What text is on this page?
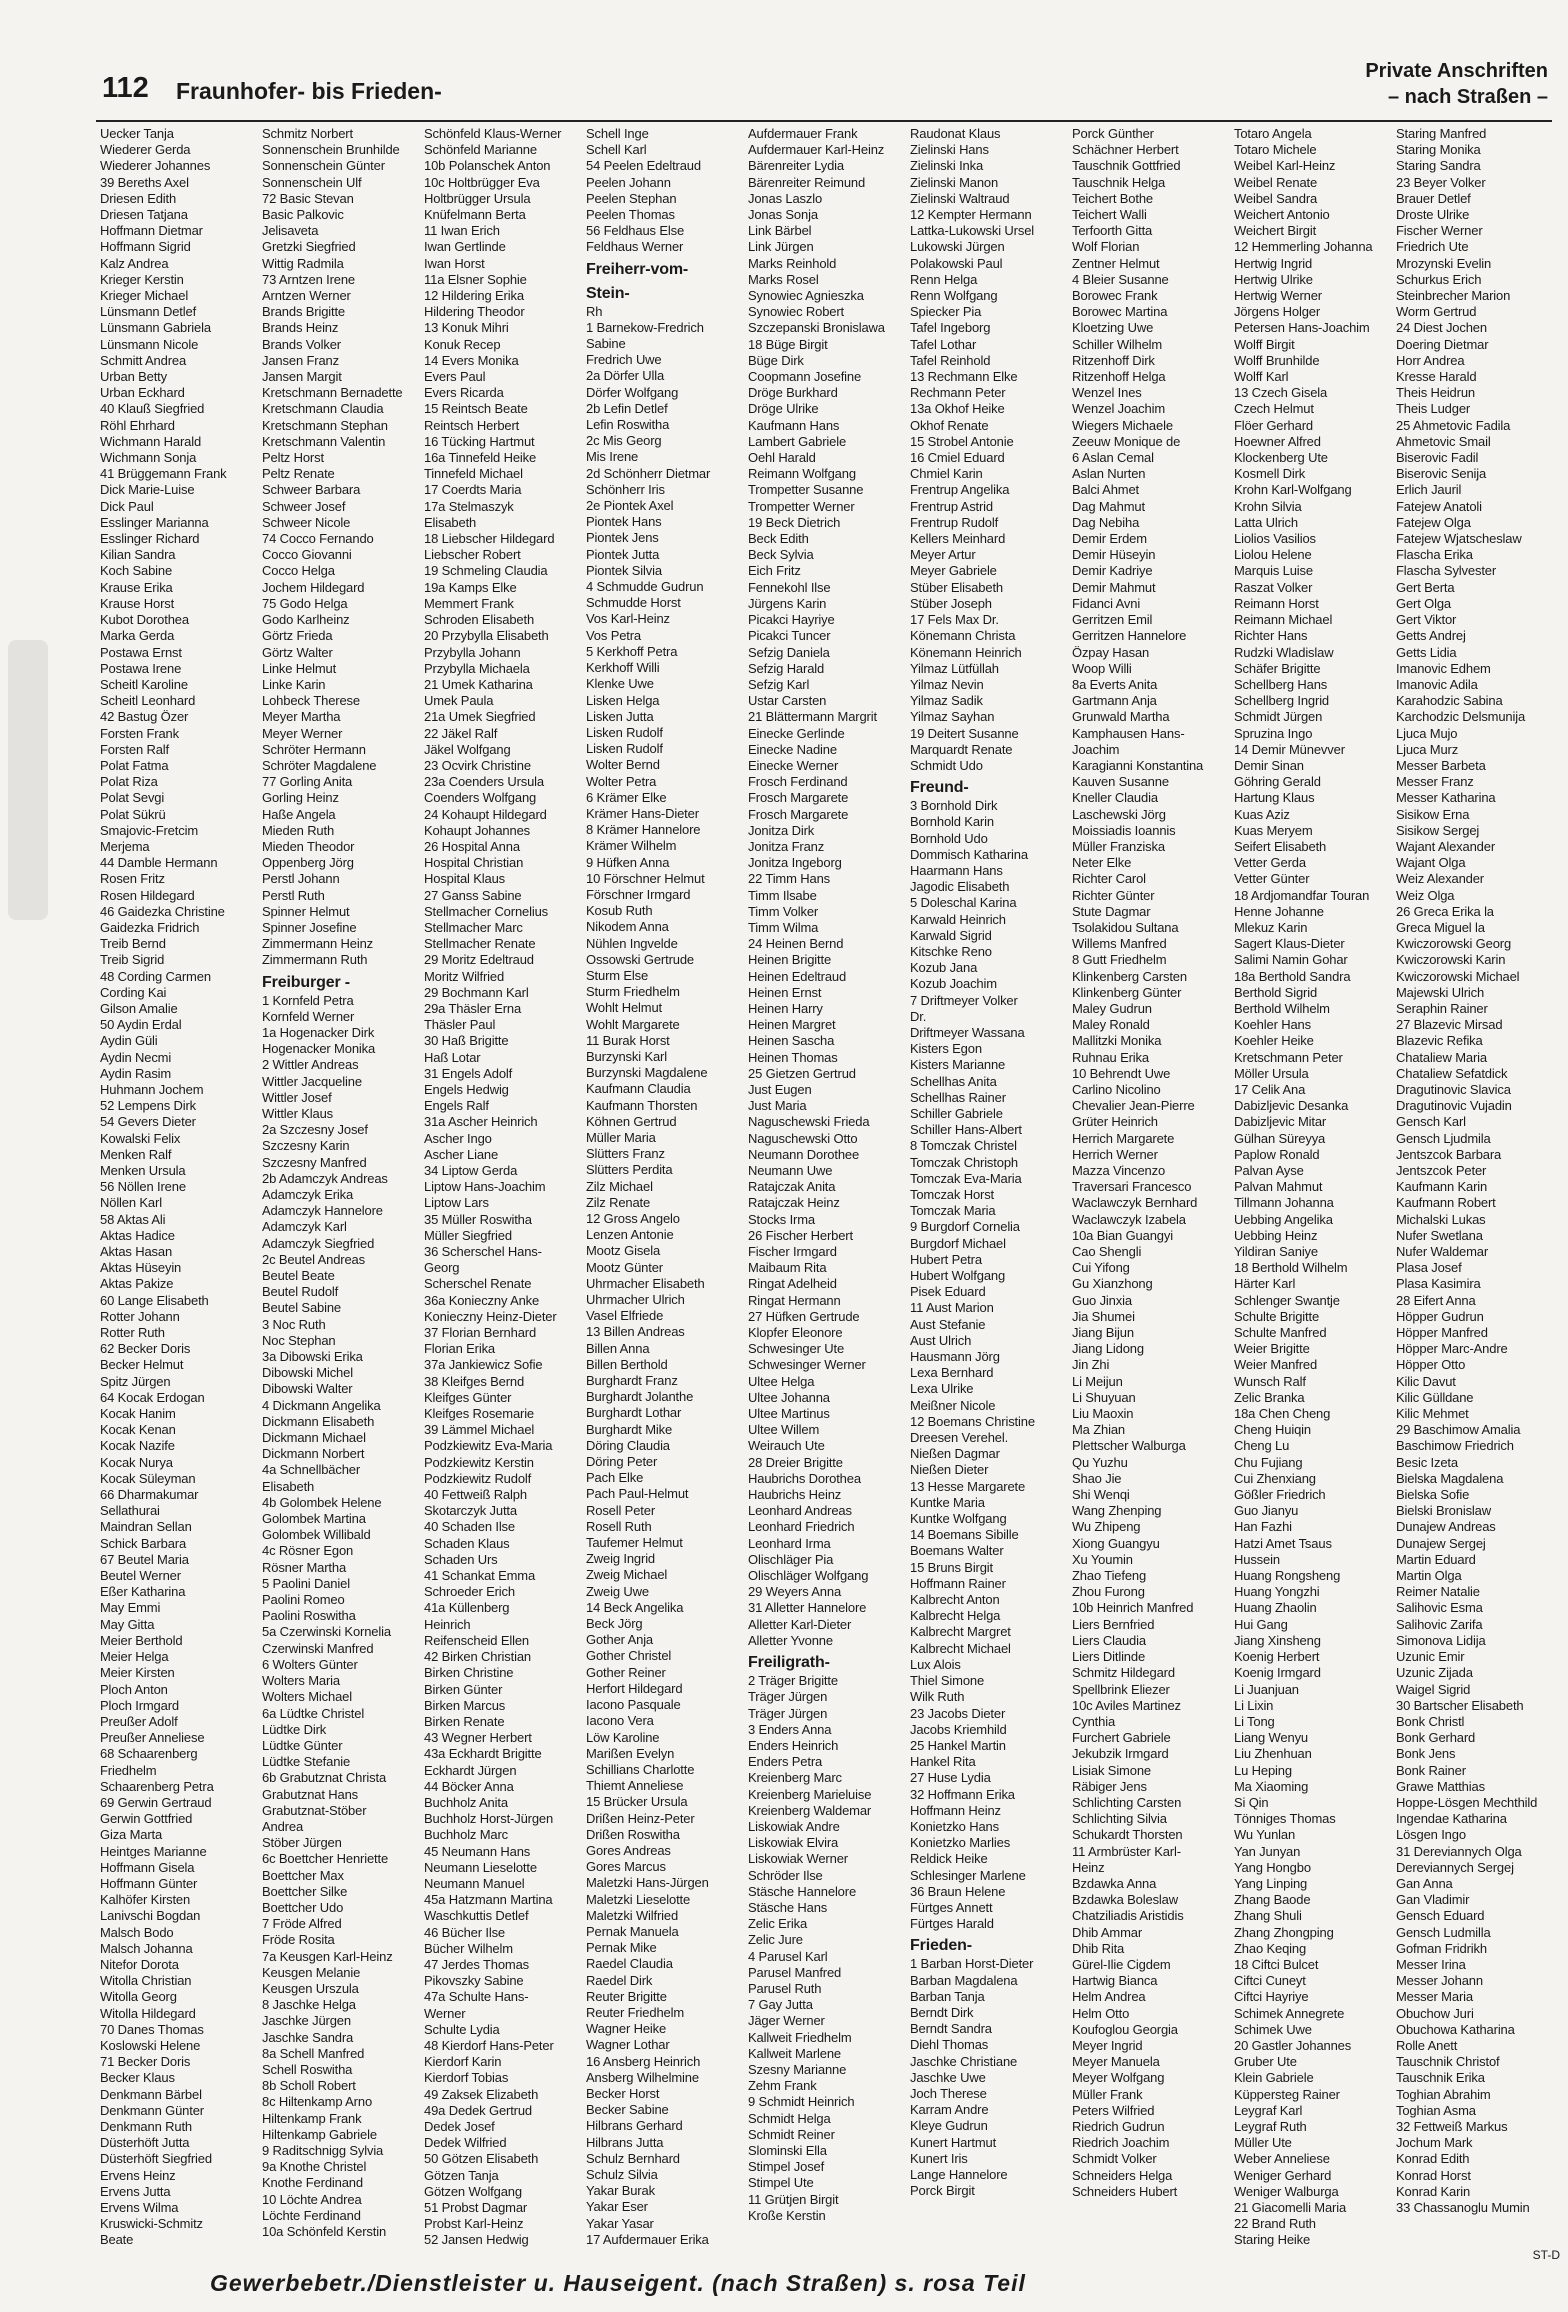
112 Fraunhofer- bis Frieden-
Private Anschriften
– nach Straßen –
Uecker Tanja
Wiederer Gerda
Wiederer Johannes
39 Bereths Axel
Driesen Edith
Driesen Tatjana
Hoffmann Dietmar
Hoffmann Sigrid
Kalz Andrea
Krieger Kerstin
Krieger Michael
Lünsmann Detlef
Lünsmann Gabriela
Lünsmann Nicole
Schmitt Andrea
Urban Betty
Urban Eckhard
40 Klauß Siegfried
Röhl Ehrhard
Wichmann Harald
Wichmann Sonja
41 Brüggemann Frank
Dick Marie-Luise
Dick Paul
Esslinger Marianna
Esslinger Richard
Kilian Sandra
Koch Sabine
Krause Erika
Krause Horst
Kubot Dorothea
Marka Gerda
Postawa Ernst
Postawa Irene
Scheitl Karoline
Scheitl Leonhard
42 Bastug Özer
Forsten Frank
Forsten Ralf
Polat Fatma
Polat Riza
Polat Sevgi
Polat Sükrü
Smajovic-Fretcim
Merjema
44 Damble Hermann
Rosen Fritz
Rosen Hildegard
46 Gaidezka Christine
Gaidezka Fridrich
Treib Bernd
Treib Sigrid
48 Cording Carmen
Cording Kai
Gilson Amalie
50 Aydin Erdal
Aydin Güli
Aydin Necmi
Aydin Rasim
Huhmann Jochem
52 Lempens Dirk
54 Gevers Dieter
Kowalski Felix
Menken Ralf
Menken Ursula
56 Nöllen Irene
Nöllen Karl
58 Aktas Ali
Aktas Hadice
Aktas Hasan
Aktas Hüseyin
Aktas Pakize
60 Lange Elisabeth
Rotter Johann
Rotter Ruth
62 Becker Doris
Becker Helmut
Spitz Jürgen
64 Kocak Erdogan
Kocak Hanim
Kocak Kenan
Kocak Nazife
Kocak Nurya
Kocak Süleyman
66 Dharmakumar
Sellathurai
Maindran Sellan
Schick Barbara
67 Beutel Maria
Beutel Werner
Eßer Katharina
May Emmi
May Gitta
Meier Berthold
Meier Helga
Meier Kirsten
Ploch Anton
Ploch Irmgard
Preußer Adolf
Preußer Anneliese
68 Schaarenberg
Friedhelm
Schaarenberg Petra
69 Gerwin Gertraud
Gerwin Gottfried
Giza Marta
Heintges Marianne
Hoffmann Gisela
Hoffmann Günter
Kalhöfer Kirsten
Lanivschi Bogdan
Malsch Bodo
Malsch Johanna
Nitefor Dorota
Witolla Christian
Witolla Georg
Witolla Hildegard
70 Danes Thomas
Koslowski Helene
71 Becker Doris
Becker Klaus
Denkmann Bärbel
Denkmann Günter
Denkmann Ruth
Düsterhöft Jutta
Düsterhöft Siegfried
Ervens Heinz
Ervens Jutta
Ervens Wilma
Kruswicki-Schmitz
Beate
Schmitz Norbert
Sonnenschein Brunhilde
Sonnenschein Günter
Sonnenschein Ulf
72 Basic Stevan
Basic Palkovic
Jelisaveta
Gretzki Siegfried
Wittig Radmila
73 Arntzen Irene
Arntzen Werner
Brands Brigitte
Brands Heinz
Brands Volker
Jansen Franz
Jansen Margit
Kretschmann Bernadette
Kretschmann Claudia
Kretschmann Stephan
Kretschmann Valentin
Peltz Horst
Peltz Renate
Schweer Barbara
Schweer Josef
Schweer Nicole
74 Cocco Fernando
Cocco Giovanni
Cocco Helga
Jochem Hildegard
75 Godo Helga
Godo Karlheinz
Görtz Frieda
Görtz Walter
Linke Helmut
Linke Karin
Lohbeck Therese
Meyer Martha
Meyer Werner
Schröter Hermann
Schröter Magdalene
77 Gorling Anita
Gorling Heinz
Haße Angela
Mieden Ruth
Mieden Theodor
Oppenberg Jörg
Perstl Johann
Perstl Ruth
Spinner Helmut
Spinner Josefine
Zimmermann Heinz
Zimmermann Ruth
Freiburger -
1 Kornfeld Petra
Kornfeld Werner
1a Hogenacker Dirk
Hogenacker Monika
2 Wittler Andreas
Wittler Jacqueline
Wittler Josef
Wittler Klaus
2a Szczesny Josef
Szczesny Karin
Szczesny Manfred
2b Adamczyk Andreas
Adamczyk Erika
Adamczyk Hannelore
Adamczyk Karl
Adamczyk Siegfried
2c Beutel Andreas
Beutel Beate
Beutel Rudolf
Beutel Sabine
3 Noc Ruth
Noc Stephan
3a Dibowski Erika
Dibowski Michel
Dibowski Walter
4 Dickmann Angelika
Dickmann Elisabeth
Dickmann Michael
Dickmann Norbert
4a Schnellbächer
Elisabeth
4b Golombek Helene
Golombek Martina
Golombek Willibald
4c Rösner Egon
Rösner Martha
5 Paolini Daniel
Paolini Romeo
Paolini Roswitha
5a Czerwinski Kornelia
Czerwinski Manfred
6 Wolters Günter
Wolters Maria
Wolters Michael
6a Lüdtke Christel
Lüdtke Dirk
Lüdtke Günter
Lüdtke Stefanie
6b Grabutznat Christa
Grabutznat Hans
Grabutznat-Stöber
Andrea
Stöber Jürgen
6c Boettcher Henriette
Boettcher Max
Boettcher Silke
Boettcher Udo
7 Fröde Alfred
Fröde Rosita
7a Keusgen Karl-Heinz
Keusgen Melanie
Keusgen Urszula
8 Jaschke Helga
Jaschke Jürgen
Jaschke Sandra
8a Schell Manfred
Schell Roswitha
8b Scholl Robert
8c Hiltenkamp Arno
Hiltenkamp Frank
Hiltenkamp Gabriele
9 Raditschnigg Sylvia
9a Knothe Christel
Knothe Ferdinand
10 Löchte Andrea
Löchte Ferdinand
10a Schönfeld Kerstin
Schönfeld Klaus-Werner
Schönfeld Marianne
10b Polanschek Anton
10c Holtbrügger Eva
Holtbrügger Ursula
Knüfelmann Berta
11 Iwan Erich
Iwan Gertlinde
Iwan Horst
11a Elsner Sophie
12 Hildering Erika
Hildering Theodor
13 Konuk Mihri
Konuk Recep
14 Evers Monika
Evers Paul
Evers Ricarda
15 Reintsch Beate
Reintsch Herbert
16 Tücking Hartmut
16a Tinnefeld Heike
Tinnefeld Michael
17 Coerdts Maria
17a Stelmaszyk
Elisabeth
18 Liebscher Hildegard
Liebscher Robert
19 Schmeling Claudia
19a Kamps Elke
Memmert Frank
Schroden Elisabeth
20 Przybylla Elisabeth
Przybylla Johann
Przybylla Michaela
21 Umek Katharina
Umek Paula
21a Umek Siegfried
22 Jäkel Ralf
Jäkel Wolfgang
23 Ocvirk Christine
23a Coenders Ursula
Coenders Wolfgang
24 Kohaupt Hildegard
Kohaupt Johannes
26 Hospital Anna
Hospital Christian
Hospital Klaus
27 Ganss Sabine
Stellmacher Cornelius
Stellmacher Marc
Stellmacher Renate
29 Moritz Edeltraud
Moritz Wilfried
29 Bochmann Karl
29a Thäsler Erna
Thäsler Paul
30 Haß Brigitte
Haß Lotar
31 Engels Adolf
Engels Hedwig
Engels Ralf
31a Ascher Heinrich
Ascher Ingo
Ascher Liane
34 Liptow Gerda
Liptow Hans-Joachim
Liptow Lars
35 Müller Roswitha
Müller Siegfried
36 Scherschel Hans-
Georg
Scherschel Renate
36a Konieczny Anke
Konieczny Heinz-Dieter
37 Florian Bernhard
Florian Erika
37a Jankiewicz Sofie
38 Kleifges Bernd
Kleifges Günter
Kleifges Rosemarie
39 Lämmel Michael
Podzkiewitz Eva-Maria
Podzkiewitz Kerstin
Podzkiewitz Rudolf
40 Fettweiß Ralph
Skotarczyk Jutta
40 Schaden Ilse
Schaden Klaus
Schaden Urs
41 Schankat Emma
Schroeder Erich
41a Küllenberg
Heinrich
Reifenscheid Ellen
42 Birken Christian
Birken Christine
Birken Günter
Birken Marcus
Birken Renate
43 Wegner Herbert
43a Eckhardt Brigitte
Eckhardt Jürgen
44 Böcker Anna
Buchholz Anita
Buchholz Horst-Jürgen
Buchholz Marc
45 Neumann Hans
Neumann Lieselotte
Neumann Manuel
45a Hatzmann Martina
Waschkuttis Detlef
46 Bücher Ilse
Bücher Wilhelm
47 Jerdes Thomas
Pikovszky Sabine
47a Schulte Hans-
Werner
Schulte Lydia
48 Kierdorf Hans-Peter
Kierdorf Karin
Kierdorf Tobias
49 Zaksek Elizabeth
49a Dedek Gertrud
Dedek Josef
Dedek Wilfried
50 Götzen Elisabeth
Götzen Tanja
Götzen Wolfgang
51 Probst Dagmar
Probst Karl-Heinz
52 Jansen Hedwig
Schell Inge
Schell Karl
54 Peelen Edeltraud
Peelen Johann
Peelen Stephan
Peelen Thomas
56 Feldhaus Else
Feldhaus Werner
Freiherr-vom-
Stein-
Rh
1 Barnekow-Fredrich
Sabine
Fredrich Uwe
2a Dörfer Ulla
Dörfer Wolfgang
2b Lefin Detlef
Lefin Roswitha
2c Mis Georg
Mis Irene
2d Schönherr Dietmar
Schönherr Iris
2e Piontek Axel
Piontek Hans
Piontek Jens
Piontek Jutta
Piontek Silvia
4 Schmudde Gudrun
Schmudde Horst
Vos Karl-Heinz
Vos Petra
5 Kerkhoff Petra
Kerkhoff Willi
Klenke Uwe
Lisken Helga
Lisken Jutta
Lisken Rudolf
Lisken Rudolf
Wolter Bernd
Wolter Petra
6 Krämer Elke
Krämer Hans-Dieter
8 Krämer Hannelore
Krämer Wilhelm
9 Hüfken Anna
10 Förschner Helmut
Förschner Irmgard
Kosub Ruth
Nikodem Anna
Nühlen Ingvelde
Ossowski Gertrude
Sturm Else
Sturm Friedhelm
Wohlt Helmut
Wohlt Margarete
11 Burak Horst
Burzynski Karl
Burzynski Magdalene
Kaufmann Claudia
Kaufmann Thorsten
Köhnen Gertrud
Müller Maria
Slütters Franz
Slütters Perdita
Zilz Michael
Zilz Renate
12 Gross Angelo
Lenzen Antonie
Mootz Gisela
Mootz Günter
Uhrmacher Elisabeth
Uhrmacher Ulrich
Vasel Elfriede
13 Billen Andreas
Billen Anna
Billen Berthold
Burghardt Franz
Burghardt Jolanthe
Burghardt Lothar
Burghardt Mike
Döring Claudia
Döring Peter
Pach Elke
Pach Paul-Helmut
Rosell Peter
Rosell Ruth
Taufemer Helmut
Zweig Ingrid
Zweig Michael
Zweig Uwe
14 Beck Angelika
Beck Jörg
Gother Anja
Gother Christel
Gother Reiner
Herfort Hildegard
Iacono Pasquale
Iacono Vera
Löw Karoline
Marißen Evelyn
Schillians Charlotte
Thiemt Anneliese
15 Brücker Ursula
Drißen Heinz-Peter
Drißen Roswitha
Gores Andreas
Gores Marcus
Maletzki Hans-Jürgen
Maletzki Lieselotte
Maletzki Wilfried
Pernak Manuela
Pernak Mike
Raedel Claudia
Raedel Dirk
Reuter Brigitte
Reuter Friedhelm
Wagner Heike
Wagner Lothar
16 Ansberg Heinrich
Ansberg Wilhelmine
Becker Horst
Becker Sabine
Hilbrans Gerhard
Hilbrans Jutta
Schulz Bernhard
Schulz Silvia
Yakar Burak
Yakar Eser
Yakar Yasar
17 Aufdermauer Erika
Aufdermauer Frank
Aufdermauer Karl-Heinz
Bärenreiter Lydia
Bärenreiter Reimund
Jonas Laszlo
Jonas Sonja
Link Bärbel
Link Jürgen
Marks Reinhold
Marks Rosel
Synowiec Agnieszka
Synowiec Robert
Szczepanski Bronislawa
18 Büge Birgit
Büge Dirk
Coopmann Josefine
Dröge Burkhard
Dröge Ulrike
Kaufmann Hans
Lambert Gabriele
Oehl Harald
Reimann Wolfgang
Trompetter Susanne
Trompetter Werner
19 Beck Dietrich
Beck Edith
Beck Sylvia
Eich Fritz
Fennekohl Ilse
Jürgens Karin
Picakci Hayriye
Picakci Tuncer
Sefzig Daniela
Sefzig Harald
Sefzig Karl
Ustar Carsten
21 Blättermann Margrit
Einecke Gerlinde
Einecke Nadine
Einecke Werner
Frosch Ferdinand
Frosch Margarete
Frosch Margarete
Jonitza Dirk
Jonitza Franz
Jonitza Ingeborg
22 Timm Hans
Timm Ilsabe
Timm Volker
Timm Wilma
24 Heinen Bernd
Heinen Brigitte
Heinen Edeltraud
Heinen Ernst
Heinen Harry
Heinen Margret
Heinen Sascha
Heinen Thomas
25 Gietzen Gertrud
Just Eugen
Just Maria
Naguschewski Frieda
Naguschewski Otto
Neumann Dorothee
Neumann Uwe
Ratajczak Anita
Ratajczak Heinz
Stocks Irma
26 Fischer Herbert
Fischer Irmgard
Maibaum Rita
Ringat Adelheid
Ringat Hermann
27 Hüfken Gertrude
Klopfer Eleonore
Schwesinger Ute
Schwesinger Werner
Ultee Helga
Ultee Johanna
Ultee Martinus
Ultee Willem
Weirauch Ute
28 Dreier Brigitte
Haubrichs Dorothea
Haubrichs Heinz
Leonhard Andreas
Leonhard Friedrich
Leonhard Irma
Olischläger Pia
Olischläger Wolfgang
29 Weyers Anna
31 Alletter Hannelore
Alletter Karl-Dieter
Alletter Yvonne
Freiligrath-
2 Träger Brigitte
Träger Jürgen
Träger Jürgen
3 Enders Anna
Enders Heinrich
Enders Petra
Kreienberg Marc
Kreienberg Marieluise
Kreienberg Waldemar
Liskowiak Andre
Liskowiak Elvira
Liskowiak Werner
Schröder Ilse
Stäsche Hannelore
Stäsche Hans
Zelic Erika
Zelic Jure
4 Parusel Karl
Parusel Manfred
Parusel Ruth
7 Gay Jutta
Jäger Werner
Kallweit Friedhelm
Kallweit Marlene
Szesny Marianne
Zehm Frank
9 Schmidt Heinrich
Schmidt Helga
Schmidt Reiner
Slominski Ella
Stimpel Josef
Stimpel Ute
11 Grütjen Birgit
Kroße Kerstin
Raudonat Klaus
Zielinski Hans
Zielinski Inka
Zielinski Manon
Zielinski Waltraud
12 Kempter Hermann
Lattka-Lukowski Ursel
Lukowski Jürgen
Polakowski Paul
Renn Helga
Renn Wolfgang
Spiecker Pia
Tafel Ingeborg
Tafel Lothar
Tafel Reinhold
13 Rechmann Elke
Rechmann Peter
13a Okhof Heike
Okhof Renate
15 Strobel Antonie
16 Cmiel Eduard
Chmiel Karin
Frentrup Angelika
Frentrup Astrid
Frentrup Rudolf
Kellers Meinhard
Meyer Artur
Meyer Gabriele
Stüber Elisabeth
Stüber Joseph
17 Fels Max Dr.
Könemann Christa
Könemann Heinrich
Yilmaz Lütfüllah
Yilmaz Nevin
Yilmaz Sadik
Yilmaz Sayhan
19 Deitert Susanne
Marquardt Renate
Schmidt Udo
Freund-
3 Bornhold Dirk
Bornhold Karin
Bornhold Udo
Dommisch Katharina
Haarmann Hans
Jagodic Elisabeth
5 Doleschal Karina
Karwald Heinrich
Karwald Sigrid
Kitschke Reno
Kozub Jana
Kozub Joachim
7 Driftmeyer Volker
Dr.
Driftmeyer Wassana
Kisters Egon
Kisters Marianne
Schellhas Anita
Schellhas Rainer
Schiller Gabriele
Schiller Hans-Albert
8 Tomczak Christel
Tomczak Christoph
Tomczak Eva-Maria
Tomczak Horst
Tomczak Maria
9 Burgdorf Cornelia
Burgdorf Michael
Hubert Petra
Hubert Wolfgang
Pisek Eduard
11 Aust Marion
Aust Stefanie
Aust Ulrich
Hausmann Jörg
Lexa Bernhard
Lexa Ulrike
Meißner Nicole
12 Boemans Christine
Dreesen Verehel.
Nießen Dagmar
Nießen Dieter
13 Hesse Margarete
Kuntke Maria
Kuntke Wolfgang
14 Boemans Sibille
Boemans Walter
15 Bruns Birgit
Hoffmann Rainer
Kalbrecht Anton
Kalbrecht Helga
Kalbrecht Margret
Kalbrecht Michael
Lux Alois
Thiel Simone
Wilk Ruth
23 Jacobs Dieter
Jacobs Kriemhild
25 Hankel Martin
Hankel Rita
27 Huse Lydia
32 Hoffmann Erika
Hoffmann Heinz
Konietzko Hans
Konietzko Marlies
Reldick Heike
Schlesinger Marlene
36 Braun Helene
Fürtges Annett
Fürtges Harald
Frieden-
1 Barban Horst-Dieter
Barban Magdalena
Barban Tanja
Berndt Dirk
Berndt Sandra
Diehl Thomas
Jaschke Christiane
Jaschke Uwe
Joch Therese
Karram Andre
Kleye Gudrun
Kunert Hartmut
Kunert Iris
Lange Hannelore
Porck Birgit
Porck Günther
Schächner Herbert
Tauschnik Gottfried
Tauschnik Helga
Teichert Bothe
Teichert Walli
Terfoorth Gitta
Wolf Florian
Zentner Helmut
4 Bleier Susanne
Borowec Frank
Borowec Martina
Kloetzing Uwe
Schiller Wilhelm
Ritzenhoff Dirk
Ritzenhoff Helga
Wenzel Ines
Wenzel Joachim
Wiegers Michaele
Zeeuw Monique de
6 Aslan Cemal
Aslan Nurten
Balci Ahmet
Dag Mahmut
Dag Nebiha
Demir Erdem
Demir Hüseyin
Demir Kadriye
Demir Mahmut
Fidanci Avni
Gerritzen Emil
Gerritzen Hannelore
Özpay Hasan
Woop Willi
8a Everts Anita
Gartmann Anja
Grunwald Martha
Kamphausen Hans-
Joachim
Karagianni Konstantina
Kauven Susanne
Kneller Claudia
Laschewski Jörg
Moissiadis Ioannis
Müller Franziska
Neter Elke
Richter Carol
Richter Günter
Stute Dagmar
Tsolakidou Sultana
Willems Manfred
8 Gutt Friedhelm
Klinkenberg Carsten
Klinkenberg Günter
Maley Gudrun
Maley Ronald
Mallitzki Monika
Ruhnau Erika
10 Behrendt Uwe
Carlino Nicolino
Chevalier Jean-Pierre
Grüter Heinrich
Herrich Margarete
Herrich Werner
Mazza Vincenzo
Traversari Francesco
Waclawczyk Bernhard
Waclawczyk Izabela
10a Bian Guangyi
Cao Shengli
Cui Yifong
Gu Xianzhong
Guo Jinxia
Jia Shumei
Jiang Bijun
Jiang Lidong
Jin Zhi
Li Meijun
Li Shuyuan
Liu Maoxin
Ma Zhian
Plettscher Walburga
Qu Yuzhu
Shao Jie
Shi Wenqi
Wang Zhenping
Wu Zhipeng
Xiong Guangyu
Xu Youmin
Zhao Tiefeng
Zhou Furong
10b Heinrich Manfred
Liers Bernfried
Liers Claudia
Liers Ditlinde
Schmitz Hildegard
Spellbrink Eliezer
10c Aviles Martinez
Cynthia
Furchert Gabriele
Jekubzik Irmgard
Lisiak Simone
Räbiger Jens
Schlichting Carsten
Schlichting Silvia
Schukardt Thorsten
11 Armbrüster Karl-
Heinz
Bzdawka Anna
Bzdawka Boleslaw
Chatziliadis Aristidis
Dhib Ammar
Dhib Rita
Gürel-Ilie Cigdem
Hartwig Bianca
Helm Andrea
Helm Otto
Koufoglou Georgia
Meyer Ingrid
Meyer Manuela
Meyer Wolfgang
Müller Frank
Peters Wilfried
Riedrich Gudrun
Riedrich Joachim
Schmidt Volker
Schneiders Helga
Schneiders Hubert
Totaro Angela
Totaro Michele
Weibel Karl-Heinz
Weibel Renate
Weibel Sandra
Weichert Antonio
Weichert Birgit
12 Hemmerling Johanna
Hertwig Ingrid
Hertwig Ulrike
Hertwig Werner
Jörgens Holger
Petersen Hans-Joachim
Wolff Birgit
Wolff Brunhilde
Wolff Karl
13 Czech Gisela
Czech Helmut
Flöer Gerhard
Hoewner Alfred
Klockenberg Ute
Kosmell Dirk
Krohn Karl-Wolfgang
Krohn Silvia
Latta Ulrich
Liolios Vasilios
Liolou Helene
Marquis Luise
Raszat Volker
Reimann Horst
Reimann Michael
Richter Hans
Rudzki Wladislaw
Schäfer Brigitte
Schellberg Hans
Schellberg Ingrid
Schmidt Jürgen
Spruzina Ingo
14 Demir Münevver
Demir Sinan
Göhring Gerald
Hartung Klaus
Kuas Aziz
Kuas Meryem
Seifert Elisabeth
Vetter Gerda
Vetter Günter
18 Ardjomandfar Touran
Henne Johanne
Mlekuz Karin
Sagert Klaus-Dieter
Salimi Namin Gohar
18a Berthold Sandra
Berthold Sigrid
Berthold Wilhelm
Koehler Hans
Koehler Heike
Kretschmann Peter
Möller Ursula
17 Celik Ana
Dabizljevic Desanka
Dabizljevic Mitar
Gülhan Süreyya
Paplow Ronald
Palvan Ayse
Palvan Mahmut
Tillmann Johanna
Uebbing Angelika
Uebbing Heinz
Yildiran Saniye
18 Berthold Wilhelm
Härter Karl
Schlenger Swantje
Schulte Brigitte
Schulte Manfred
Weier Brigitte
Weier Manfred
Wunsch Ralf
Zelic Branka
18a Chen Cheng
Cheng Huiqin
Cheng Lu
Chu Fujiang
Cui Zhenxiang
Gößler Friedrich
Guo Jianyu
Han Fazhi
Hatzi Amet Tsaus
Hussein
Huang Rongsheng
Huang Yongzhi
Huang Zhaolin
Hui Gang
Jiang Xinsheng
Koenig Herbert
Koenig Irmgard
Li Juanjuan
Li Lixin
Li Tong
Liang Wenyu
Liu Zhenhuan
Lu Heping
Ma Xiaoming
Si Qin
Tönniges Thomas
Wu Yunlan
Yan Junyan
Yang Hongbo
Yang Linping
Zhang Baode
Zhang Shuli
Zhang Zhongping
Zhao Keqing
18 Ciftci Bulcet
Ciftci Cuneyt
Ciftci Hayriye
Schimek Annegrete
Schimek Uwe
20 Gastler Johannes
Gruber Ute
Klein Gabriele
Küppersteg Rainer
Leygraf Karl
Leygraf Ruth
Müller Ute
Weber Anneliese
Weniger Gerhard
Weniger Walburga
21 Giacomelli Maria
22 Brand Ruth
Staring Heike
Staring Manfred
Staring Monika
Staring Sandra
23 Beyer Volker
Brauer Detlef
Droste Ulrike
Fischer Werner
Friedrich Ute
Mrozynski Evelin
Schurkus Erich
Steinbrecher Marion
Worm Gertrud
24 Diest Jochen
Doering Dietmar
Horr Andrea
Kresse Harald
Theis Heidrun
Theis Ludger
25 Ahmetovic Fadila
Ahmetovic Smail
Biserovic Fadil
Biserovic Senija
Erlich Jauril
Fatejew Anatoli
Fatejew Olga
Fatejew Wjatscheslaw
Flascha Erika
Flascha Sylvester
Gert Berta
Gert Olga
Gert Viktor
Getts Andrej
Getts Lidia
Imanovic Edhem
Imanovic Adila
Karahodzic Sabina
Karchodzic Delsmunija
Ljuca Mujo
Ljuca Murz
Messer Barbeta
Messer Franz
Messer Katharina
Sisikow Erna
Sisikow Sergej
Wajant Alexander
Wajant Olga
Weiz Alexander
Weiz Olga
26 Greca Erika la
Greca Miguel la
Kwiczorowski Georg
Kwiczorowski Karin
Kwiczorowski Michael
Majewski Ulrich
Seraphin Rainer
27 Blazevic Mirsad
Blazevic Refika
Chataliew Maria
Chataliew Sefatdick
Dragutinovic Slavica
Dragutinovic Vujadin
Gensch Karl
Gensch Ljudmila
Jentszcok Barbara
Jentszcok Peter
Kaufmann Karin
Kaufmann Robert
Michalski Lukas
Nufer Swetlana
Nufer Waldemar
Plasa Josef
Plasa Kasimira
28 Eifert Anna
Höpper Gudrun
Höpper Manfred
Höpper Marc-Andre
Höpper Otto
Kilic Davut
Kilic Gülldane
Kilic Mehmet
29 Baschimow Amalia
Baschimow Friedrich
Besic Izeta
Bielska Magdalena
Bielska Sofie
Bielski Bronislaw
Dunajew Andreas
Dunajew Sergej
Martin Eduard
Martin Olga
Reimer Natalie
Salihovic Esma
Salihovic Zarifa
Simonova Lidija
Uzunic Emir
Uzunic Zijada
Waigel Sigrid
30 Bartscher Elisabeth
Bonk Christl
Bonk Gerhard
Bonk Jens
Bonk Rainer
Grawe Matthias
Hoppe-Lösgen Mechthild
Ingendae Katharina
Lösgen Ingo
31 Dereviannych Olga
Dereviannych Sergej
Gan Anna
Gan Vladimir
Gensch Eduard
Gensch Ludmilla
Gofman Fridrikh
Messer Irina
Messer Johann
Messer Maria
Obuchow Juri
Obuchowa Katharina
Rolle Anett
Tauschnik Christof
Tauschnik Erika
Toghian Abrahim
Toghian Asma
32 Fettweiß Markus
Jochum Mark
Konrad Edith
Konrad Horst
Konrad Karin
33 Chassanoglu Mumin
ST-D
Gewerbebetr./Dienstleister u. Hauseigent. (nach Straßen) s. rosa Teil
